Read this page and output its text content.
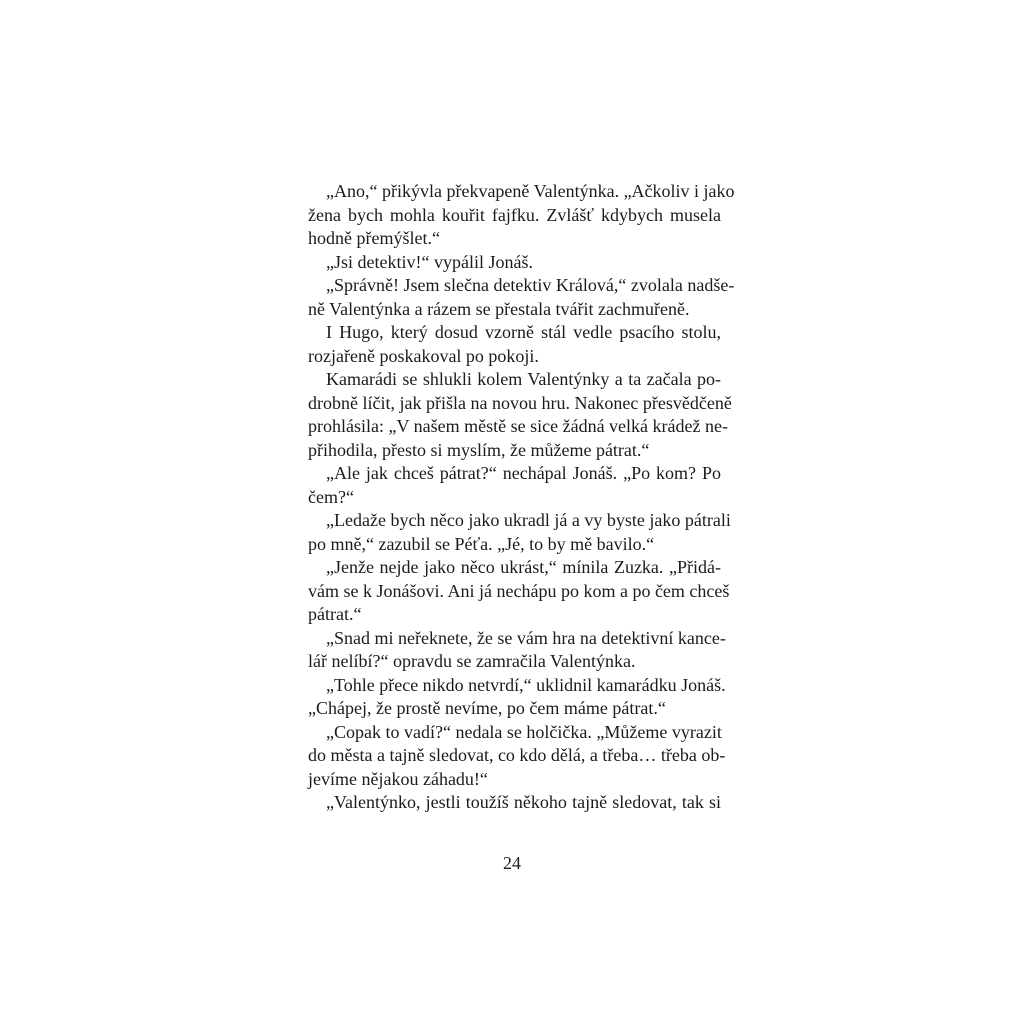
„Ano,“ přikývla překvapeně Valentýnka. „Ačkoliv i jako
žena bych mohla kouřit fajfku. Zvlášť kdybych musela
hodně přemýšlet.“

„Jsi detektiv!“ vypálil Jonáš.

„Správně! Jsem slečna detektiv Králová,“ zvolala nadše-
ně Valentýnka a rázem se přestala tvářit zachmuřeně.

I Hugo, který dosud vzorně stál vedle psacího stolu,
rozjařeně poskakoval po pokoji.

Kamarádi se shlukli kolem Valentýnky a ta začala po-
drobně líčit, jak přišla na novou hru. Nakonec přesvědčeně
prohlásila: „V našem městě se sice žádná velká krádež ne-
přihodila, přesto si myslím, že můžeme pátrat.“

„Ale jak chceš pátrat?“ nechápal Jonáš. „Po kom? Po
čem?“

„Ledaže bych něco jako ukradl já a vy byste jako pátrali
po mně,“ zazubil se Péťa. „Jé, to by mě bavilo.“

„Jenže nejde jako něco ukrást,“ mínila Zuzka. „Přidá-
vám se k Jonášovi. Ani já nechápu po kom a po čem chceš
pátrat.“

„Snad mi neřeknete, že se vám hra na detektivní kance-
lář nelíbí?“ opravdu se zamračila Valentýnka.

„Tohle přece nikdo netvrdí,“ uklidnil kamarádku Jonáš.
„Chápej, že prostě nevíme, po čem máme pátrat.“

„Copak to vadí?“ nedala se holčička. „Můžeme vyrazit
do města a tajně sledovat, co kdo dělá, a třeba… třeba ob-
jevíme nějakou záhadu!“

„Valentýnko, jestli toužíš někoho tajně sledovat, tak si

24
